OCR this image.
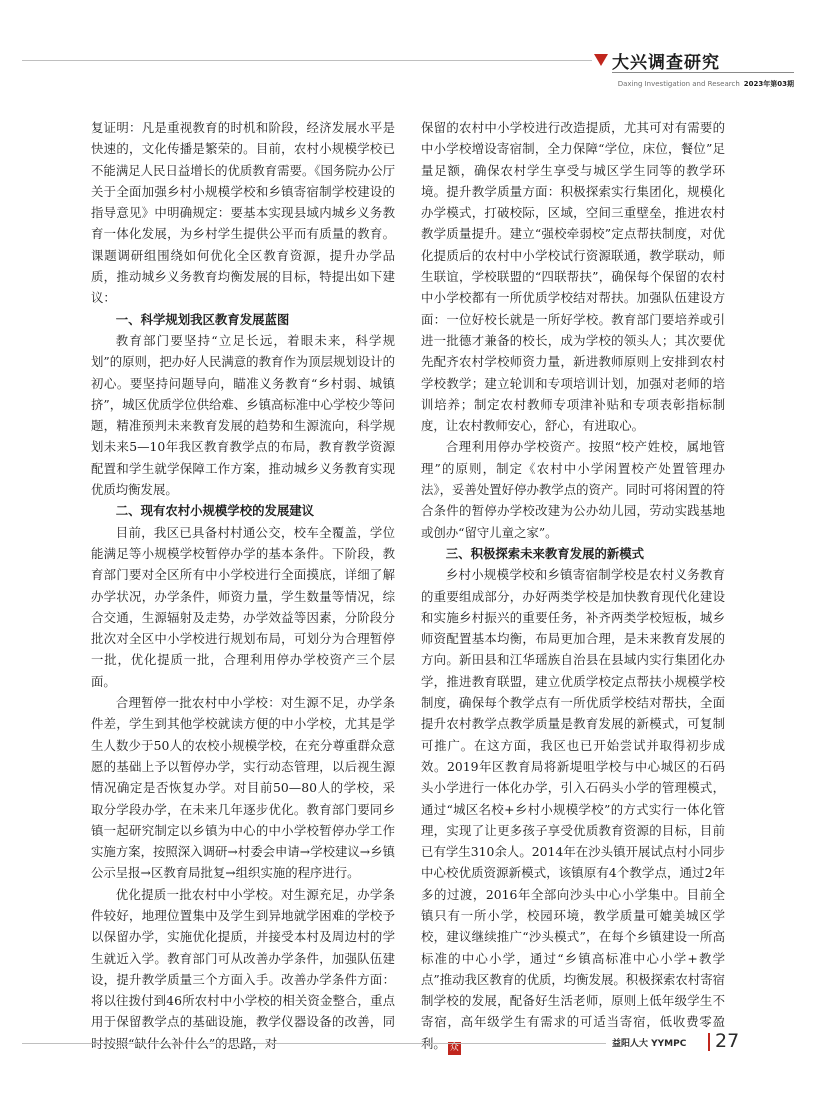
大兴调查研究
Daxing Investigation and Research 2023年第03期

复证明：凡是重视教育的时机和阶段，经济发展水平是快速的，文化传播是繁荣的。目前，农村小规模学校已不能满足人民日益增长的优质教育需要。《国务院办公厅关于全面加强乡村小规模学校和乡镇寄宿制学校建设的指导意见》中明确规定：要基本实现县域内城乡义务教育一体化发展，为乡村学生提供公平而有质量的教育。课题调研组围绕如何优化全区教育资源，提升办学品质，推动城乡义务教育均衡发展的目标，特提出如下建议：

一、科学规划我区教育发展蓝图

教育部门要坚持“立足长远，着眼未来，科学规划”的原则，把办好人民满意的教育作为顶层规划设计的初心。要坚持问题导向，瞄准义务教育“乡村弱、城镇挤”，城区优质学位供给难、乡镇高标准中心学校少等问题，精准预判未来教育发展的趋势和生源流向，科学规划未来5—10年我区教育教学点的布局，教育教学资源配置和学生就学保障工作方案，推动城乡义务教育实现优质均衡发展。

二、现有农村小规模学校的发展建议

目前，我区已具备村村通公交，校车全覆盖，学位能满足等小规模学校暂停办学的基本条件。下阶段，教育部门要对全区所有中小学校进行全面摸底，详细了解办学状况，办学条件，师资力量，学生数量等情况，综合交通，生源辐射及走势，办学效益等因素，分阶段分批次对全区中小学校进行规划布局，可划分为合理暂停一批，优化提质一批，合理利用停办学校资产三个层面。

合理暂停一批农村中小学校：对生源不足，办学条件差，学生到其他学校就读方便的中小学校，尤其是学生人数少于50人的农校小规模学校，在充分尊重群众意愿的基础上予以暂停办学，实行动态管理，以后视生源情况确定是否恢复办学。对目前50—80人的学校，采取分学段办学，在未来几年逐步优化。教育部门要同乡镇一起研究制定以乡镇为中心的中小学校暂停办学工作实施方案，按照深入调研→村委会申请→学校建议→乡镇公示呈报→区教育局批复→组织实施的程序进行。

优化提质一批农村中小学校。对生源充足，办学条件较好，地理位置集中及学生到异地就学困难的学校予以保留办学，实施优化提质，并接受本村及周边村的学生就近入学。教育部门可从改善办学条件，加强队伍建设，提升教学质量三个方面入手。改善办学条件方面：将以往拨付到46所农村中小学校的相关资金整合，重点用于保留教学点的基础设施，教学仪器设备的改善，同时按照“缺什么补什么”的思路，对

保留的农村中小学校进行改造提质，尤其可对有需要的中小学校增设寄宿制，全力保障“学位，床位，餐位”足量足额，确保农村学生享受与城区学生同等的教学环境。提升教学质量方面：积极探索实行集团化，规模化办学模式，打破校际，区域，空间三重壁垒，推进农村教学质量提升。建立“强校牵弱校”定点帮扶制度，对优化提质后的农村中小学校试行资源联通，教学联动，师生联谊，学校联盟的“四联帮扶”，确保每个保留的农村中小学校都有一所优质学校结对帮扶。加强队伍建设方面：一位好校长就是一所好学校。教育部门要培养或引进一批德才兼备的校长，成为学校的领头人；其次要优先配齐农村学校师资力量，新进教师原则上安排到农村学校教学；建立轮训和专项培训计划，加强对老师的培训培养；制定农村教师专项津补贴和专项表彰指标制度，让农村教师安心，舒心，有进取心。

合理利用停办学校资产。按照“校产姓校，属地管理”的原则，制定《农村中小学闲置校产处置管理办法》，妥善处置好停办教学点的资产。同时可将闲置的符合条件的暂停办学校改建为公办幼儿园，劳动实践基地或创办“留守儿童之家”。

三、积极探索未来教育发展的新模式

乡村小规模学校和乡镇寄宿制学校是农村义务教育的重要组成部分，办好两类学校是加快教育现代化建设和实施乡村振兴的重要任务，补齐两类学校短板，城乡师资配置基本均衡，布局更加合理，是未来教育发展的方向。新田县和江华瑶族自治县在县域内实行集团化办学，推进教育联盟，建立优质学校定点帮扶小规模学校制度，确保每个教学点有一所优质学校结对帮扶，全面提升农村教学点教学质量是教育发展的新模式，可复制可推广。在这方面，我区也已开始尝试并取得初步成效。2019年区教育局将新堤咀学校与中心城区的石码头小学进行一体化办学，引入石码头小学的管理模式，通过“城区名校+乡村小规模学校”的方式实行一体化管理，实现了让更多孩子享受优质教育资源的目标，目前已有学生310余人。2014年在沙头镇开展试点村小同步中心校优质资源新模式，该镇原有4个教学点，通过2年多的过渡，2016年全部向沙头中心小学集中。目前全镇只有一所小学，校园环境，教学质量可媲美城区学校，建议继续推广“沙头模式”，在每个乡镇建设一所高标准的中心小学，通过“乡镇高标准中心小学+教学点”推动我区教育的优质，均衡发展。积极探索农村寄宿制学校的发展，配备好生活老师，原则上低年级学生不寄宿，高年级学生有需求的可适当寄宿，低收费零盈利。 众	益阳人大 YYMPC 27
